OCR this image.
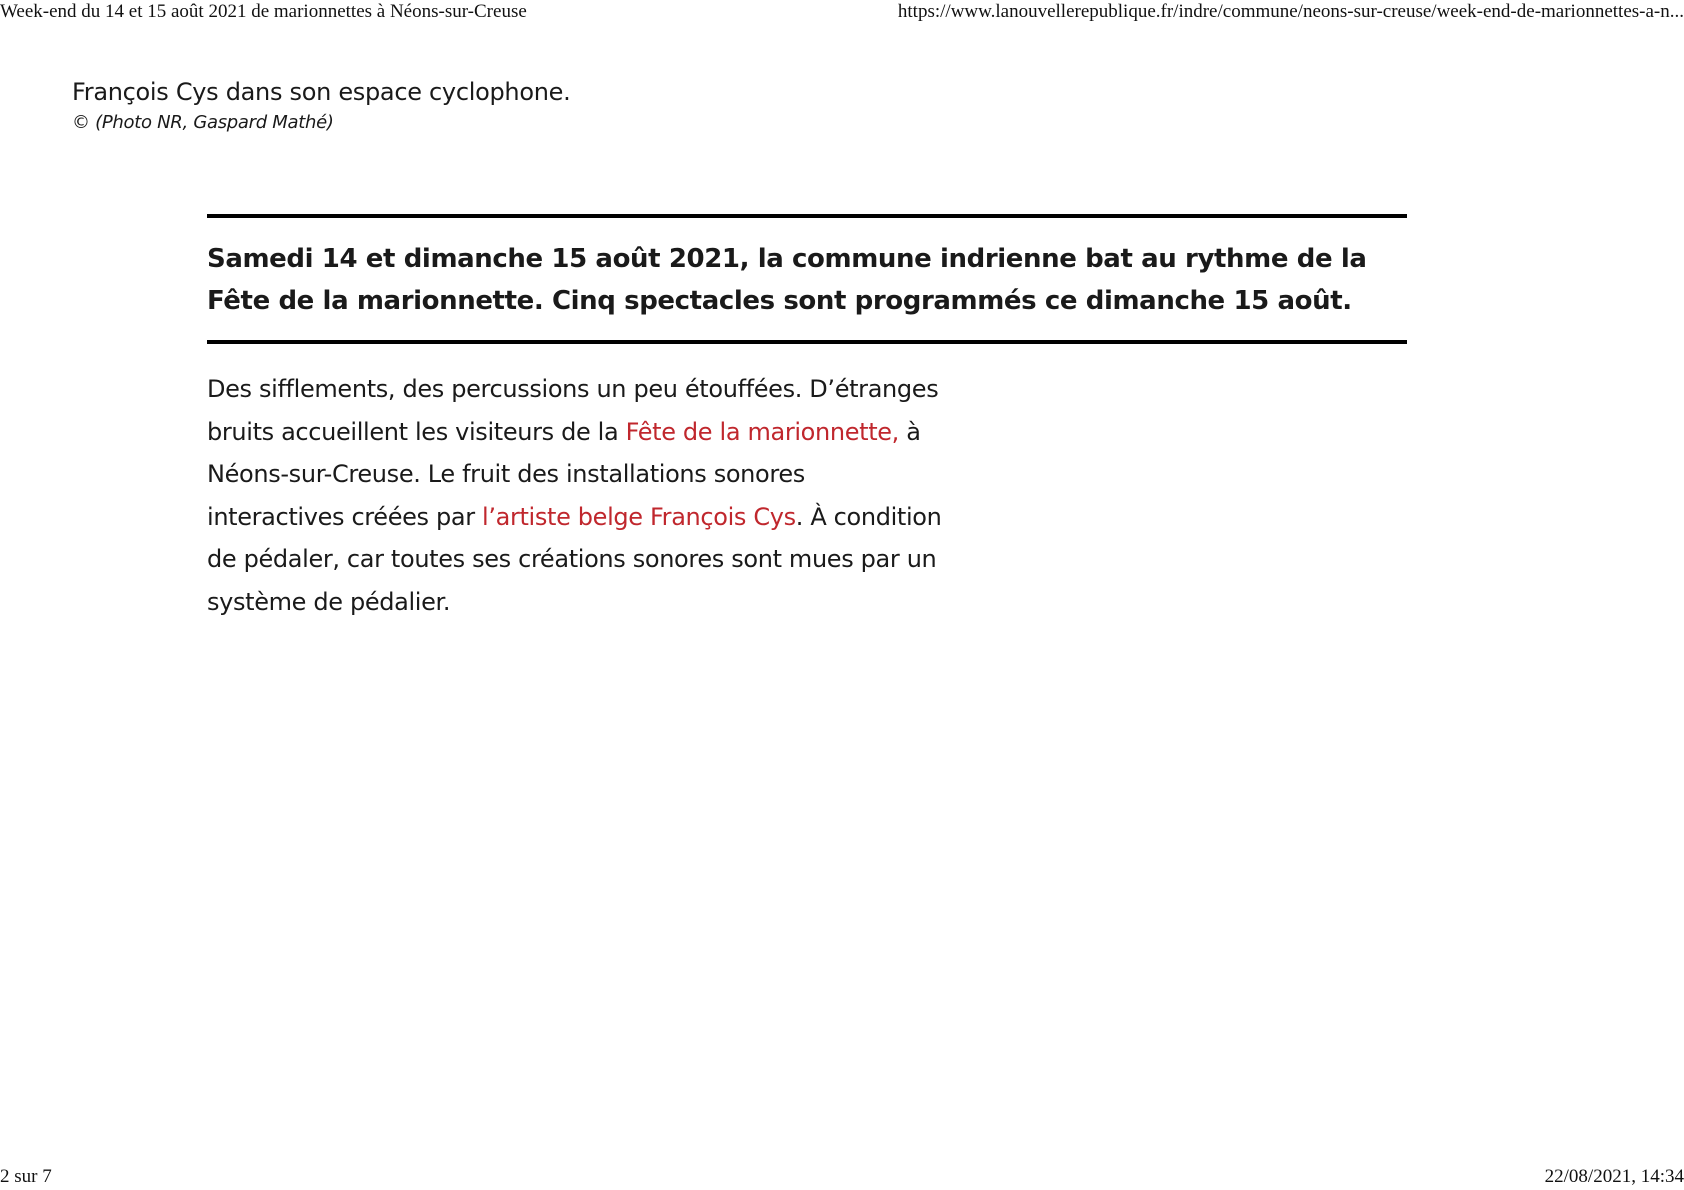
Week-end du 14 et 15 août 2021 de marionnettes à Néons-sur-Creuse	https://www.lanouvellerepublique.fr/indre/commune/neons-sur-creuse/week-end-de-marionnettes-a-n...
François Cys dans son espace cyclophone.
© (Photo NR, Gaspard Mathé)

Samedi 14 et dimanche 15 août 2021, la commune indrienne bat au rythme de la Fête de la marionnette. Cinq spectacles sont programmés ce dimanche 15 août.

Des sifflements, des percussions un peu étouffées. D’étranges bruits accueillent les visiteurs de la Fête de la marionnette, à Néons-sur-Creuse. Le fruit des installations sonores interactives créées par l’artiste belge François Cys. À condition de pédaler, car toutes ses créations sonores sont mues par un système de pédalier.

2 sur 7	22/08/2021, 14:34
